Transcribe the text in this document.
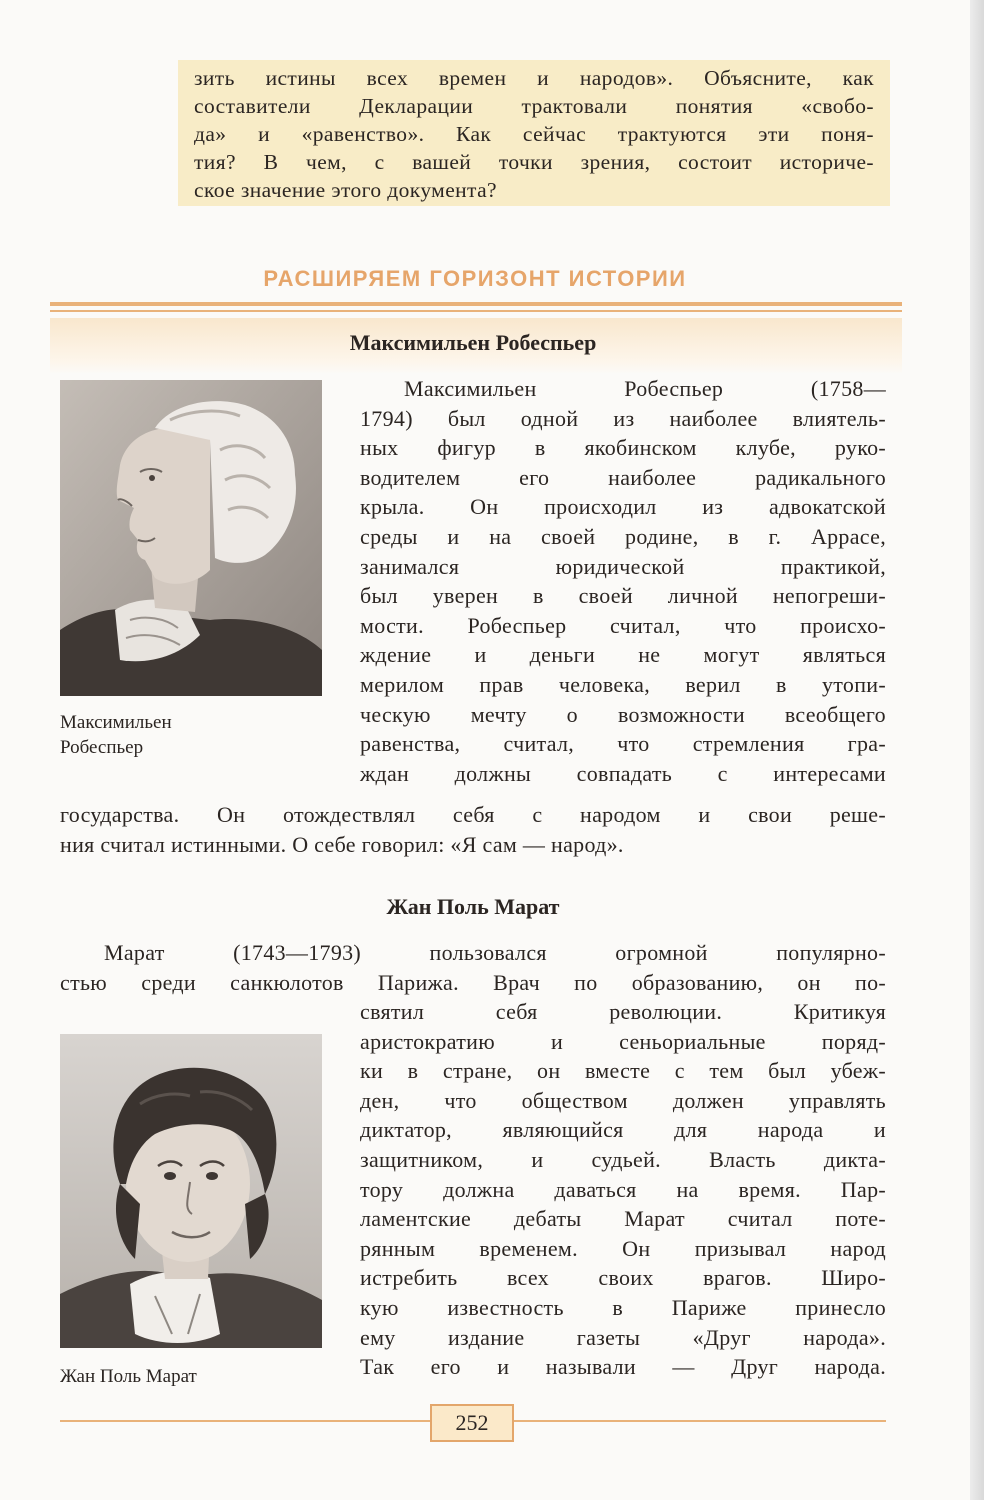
зить истины всех времен и народов». Объясните, как

составители Декларации трактовали понятия «свобо-

да» и «равенство». Как сейчас трактуются эти поня-

тия? В чем, с вашей точки зрения, состоит историче-

ское значение этого документа?

РАСШИРЯЕМ ГОРИЗОНТ ИСТОРИИ
Максимильен Робеспьер
Максимильен
Робеспьер

Максимильен Робеспьер (1758—

1794) был одной из наиболее влиятель-

ных фигур в якобинском клубе, руко-

водителем его наиболее радикального

крыла. Он происходил из адвокатской

среды и на своей родине, в г. Аррасе,

занимался юридической практикой,

был уверен в своей личной непогреши-

мости. Робеспьер считал, что происхо-

ждение и деньги не могут являться

мерилом прав человека, верил в утопи-

ческую мечту о возможности всеобщего

равенства, считал, что стремления гра-

ждан должны совпадать с интересами

государства. Он отождествлял себя с народом и свои реше-

ния считал истинными. О себе говорил: «Я сам — народ».

Жан Поль Марат

Марат (1743—1793) пользовался огромной популярно-

стью среди санкюлотов Парижа. Врач по образованию, он по-

Жан Поль Марат

святил себя революции. Критикуя

аристократию и сеньориальные поряд-

ки в стране, он вместе с тем был убеж-

ден, что обществом должен управлять

диктатор, являющийся для народа и

защитником, и судьей. Власть дикта-

тору должна даваться на время. Пар-

ламентские дебаты Марат считал поте-

рянным временем. Он призывал народ

истребить всех своих врагов. Широ-

кую известность в Париже принесло

ему издание газеты «Друг народа».

Так его и называли — Друг народа.

252
